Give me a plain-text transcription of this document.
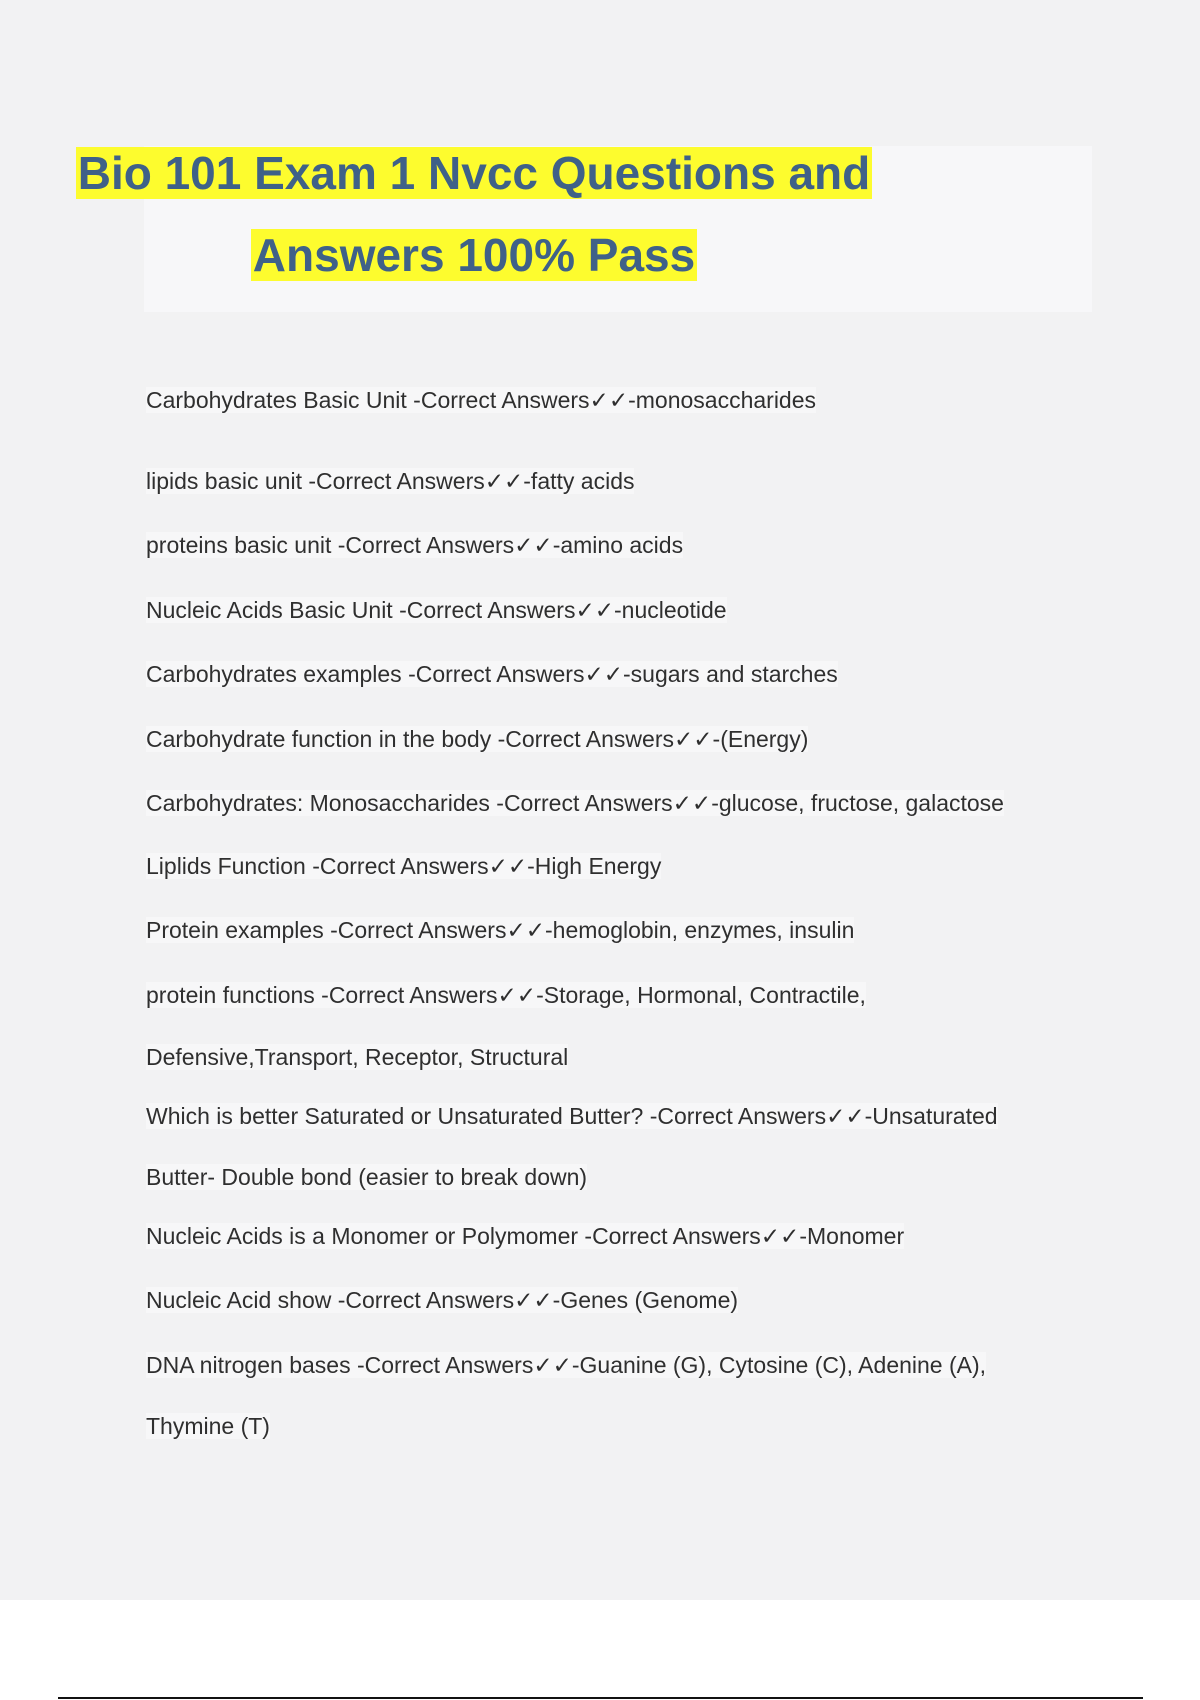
Bio 101 Exam 1 Nvcc Questions and
Answers 100% Pass
Carbohydrates Basic Unit -Correct Answers✓✓-monosaccharides
lipids basic unit -Correct Answers✓✓-fatty acids
proteins basic unit -Correct Answers✓✓-amino acids
Nucleic Acids Basic Unit -Correct Answers✓✓-nucleotide
Carbohydrates examples -Correct Answers✓✓-sugars and starches
Carbohydrate function in the body -Correct Answers✓✓-(Energy)
Carbohydrates: Monosaccharides -Correct Answers✓✓-glucose, fructose, galactose
Liplids Function -Correct Answers✓✓-High Energy
Protein examples -Correct Answers✓✓-hemoglobin, enzymes, insulin
protein functions -Correct Answers✓✓-Storage, Hormonal, Contractile,
Defensive,Transport, Receptor, Structural
Which is better Saturated or Unsaturated Butter? -Correct Answers✓✓-Unsaturated
Butter- Double bond (easier to break down)
Nucleic Acids is a Monomer or Polymomer -Correct Answers✓✓-Monomer
Nucleic Acid show -Correct Answers✓✓-Genes (Genome)
DNA nitrogen bases -Correct Answers✓✓-Guanine (G), Cytosine (C), Adenine (A),
Thymine (T)
